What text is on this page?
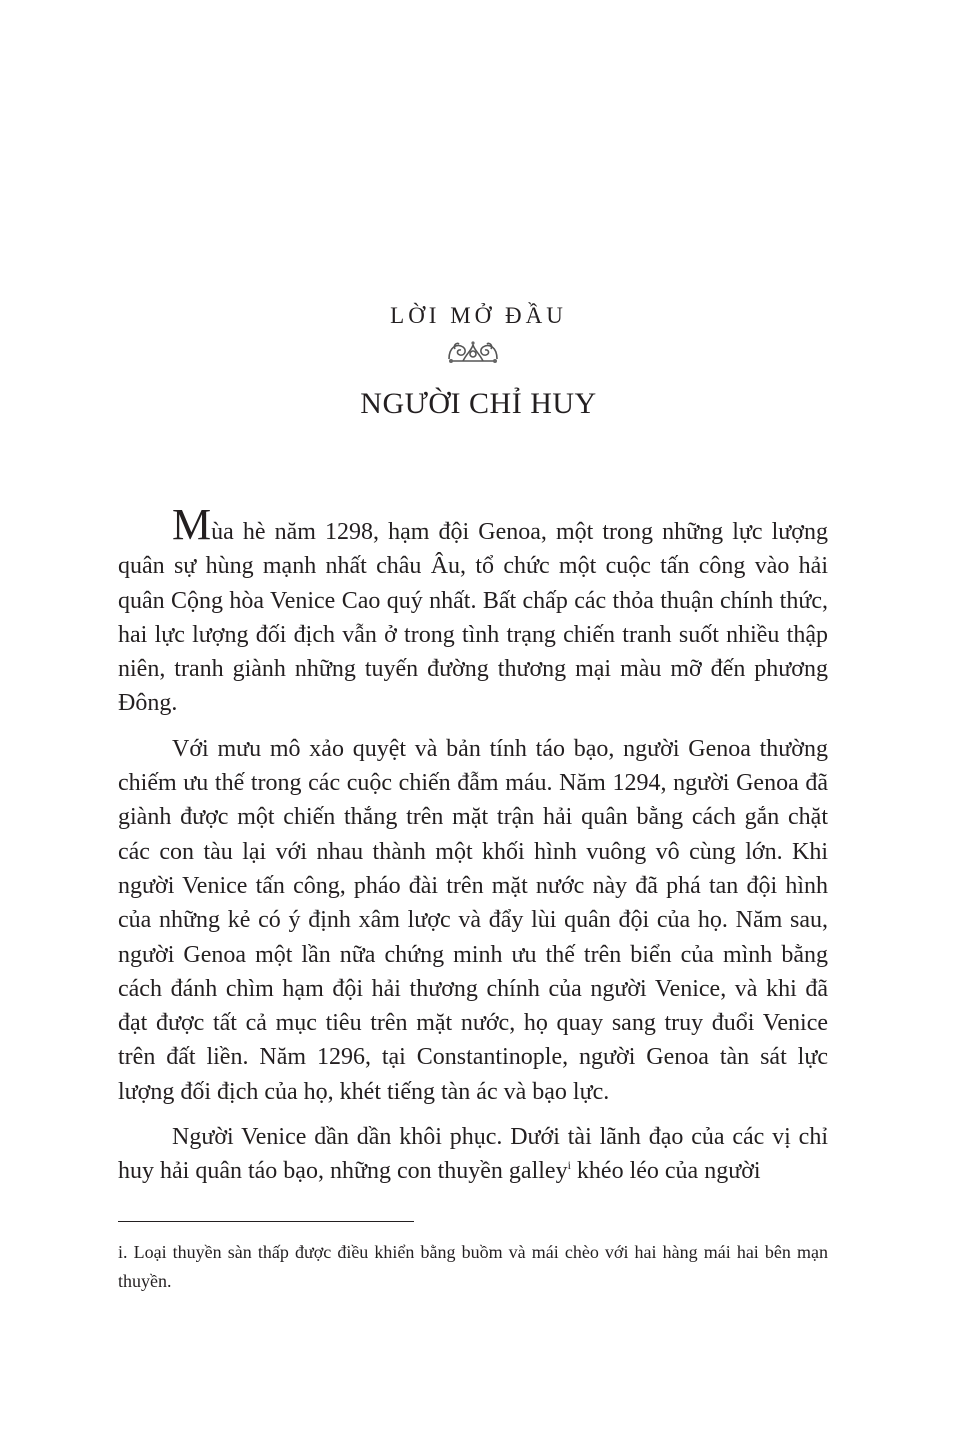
LỜI MỞ ĐẦU
NGƯỜI CHỈ HUY

Mùa hè năm 1298, hạm đội Genoa, một trong những lực lượng quân sự hùng mạnh nhất châu Âu, tổ chức một cuộc tấn công vào hải quân Cộng hòa Venice Cao quý nhất. Bất chấp các thỏa thuận chính thức, hai lực lượng đối địch vẫn ở trong tình trạng chiến tranh suốt nhiều thập niên, tranh giành những tuyến đường thương mại màu mỡ đến phương Đông.

Với mưu mô xảo quyệt và bản tính táo bạo, người Genoa thường chiếm ưu thế trong các cuộc chiến đẫm máu. Năm 1294, người Genoa đã giành được một chiến thắng trên mặt trận hải quân bằng cách gắn chặt các con tàu lại với nhau thành một khối hình vuông vô cùng lớn. Khi người Venice tấn công, pháo đài trên mặt nước này đã phá tan đội hình của những kẻ có ý định xâm lược và đẩy lùi quân đội của họ. Năm sau, người Genoa một lần nữa chứng minh ưu thế trên biển của mình bằng cách đánh chìm hạm đội hải thương chính của người Venice, và khi đã đạt được tất cả mục tiêu trên mặt nước, họ quay sang truy đuổi Venice trên đất liền. Năm 1296, tại Constantinople, người Genoa tàn sát lực lượng đối địch của họ, khét tiếng tàn ác và bạo lực.

Người Venice dần dần khôi phục. Dưới tài lãnh đạo của các vị chỉ huy hải quân táo bạo, những con thuyền galley$^i$ khéo léo của người

i. Loại thuyền sàn thấp được điều khiển bằng buồm và mái chèo với hai hàng mái hai bên mạn thuyền.
